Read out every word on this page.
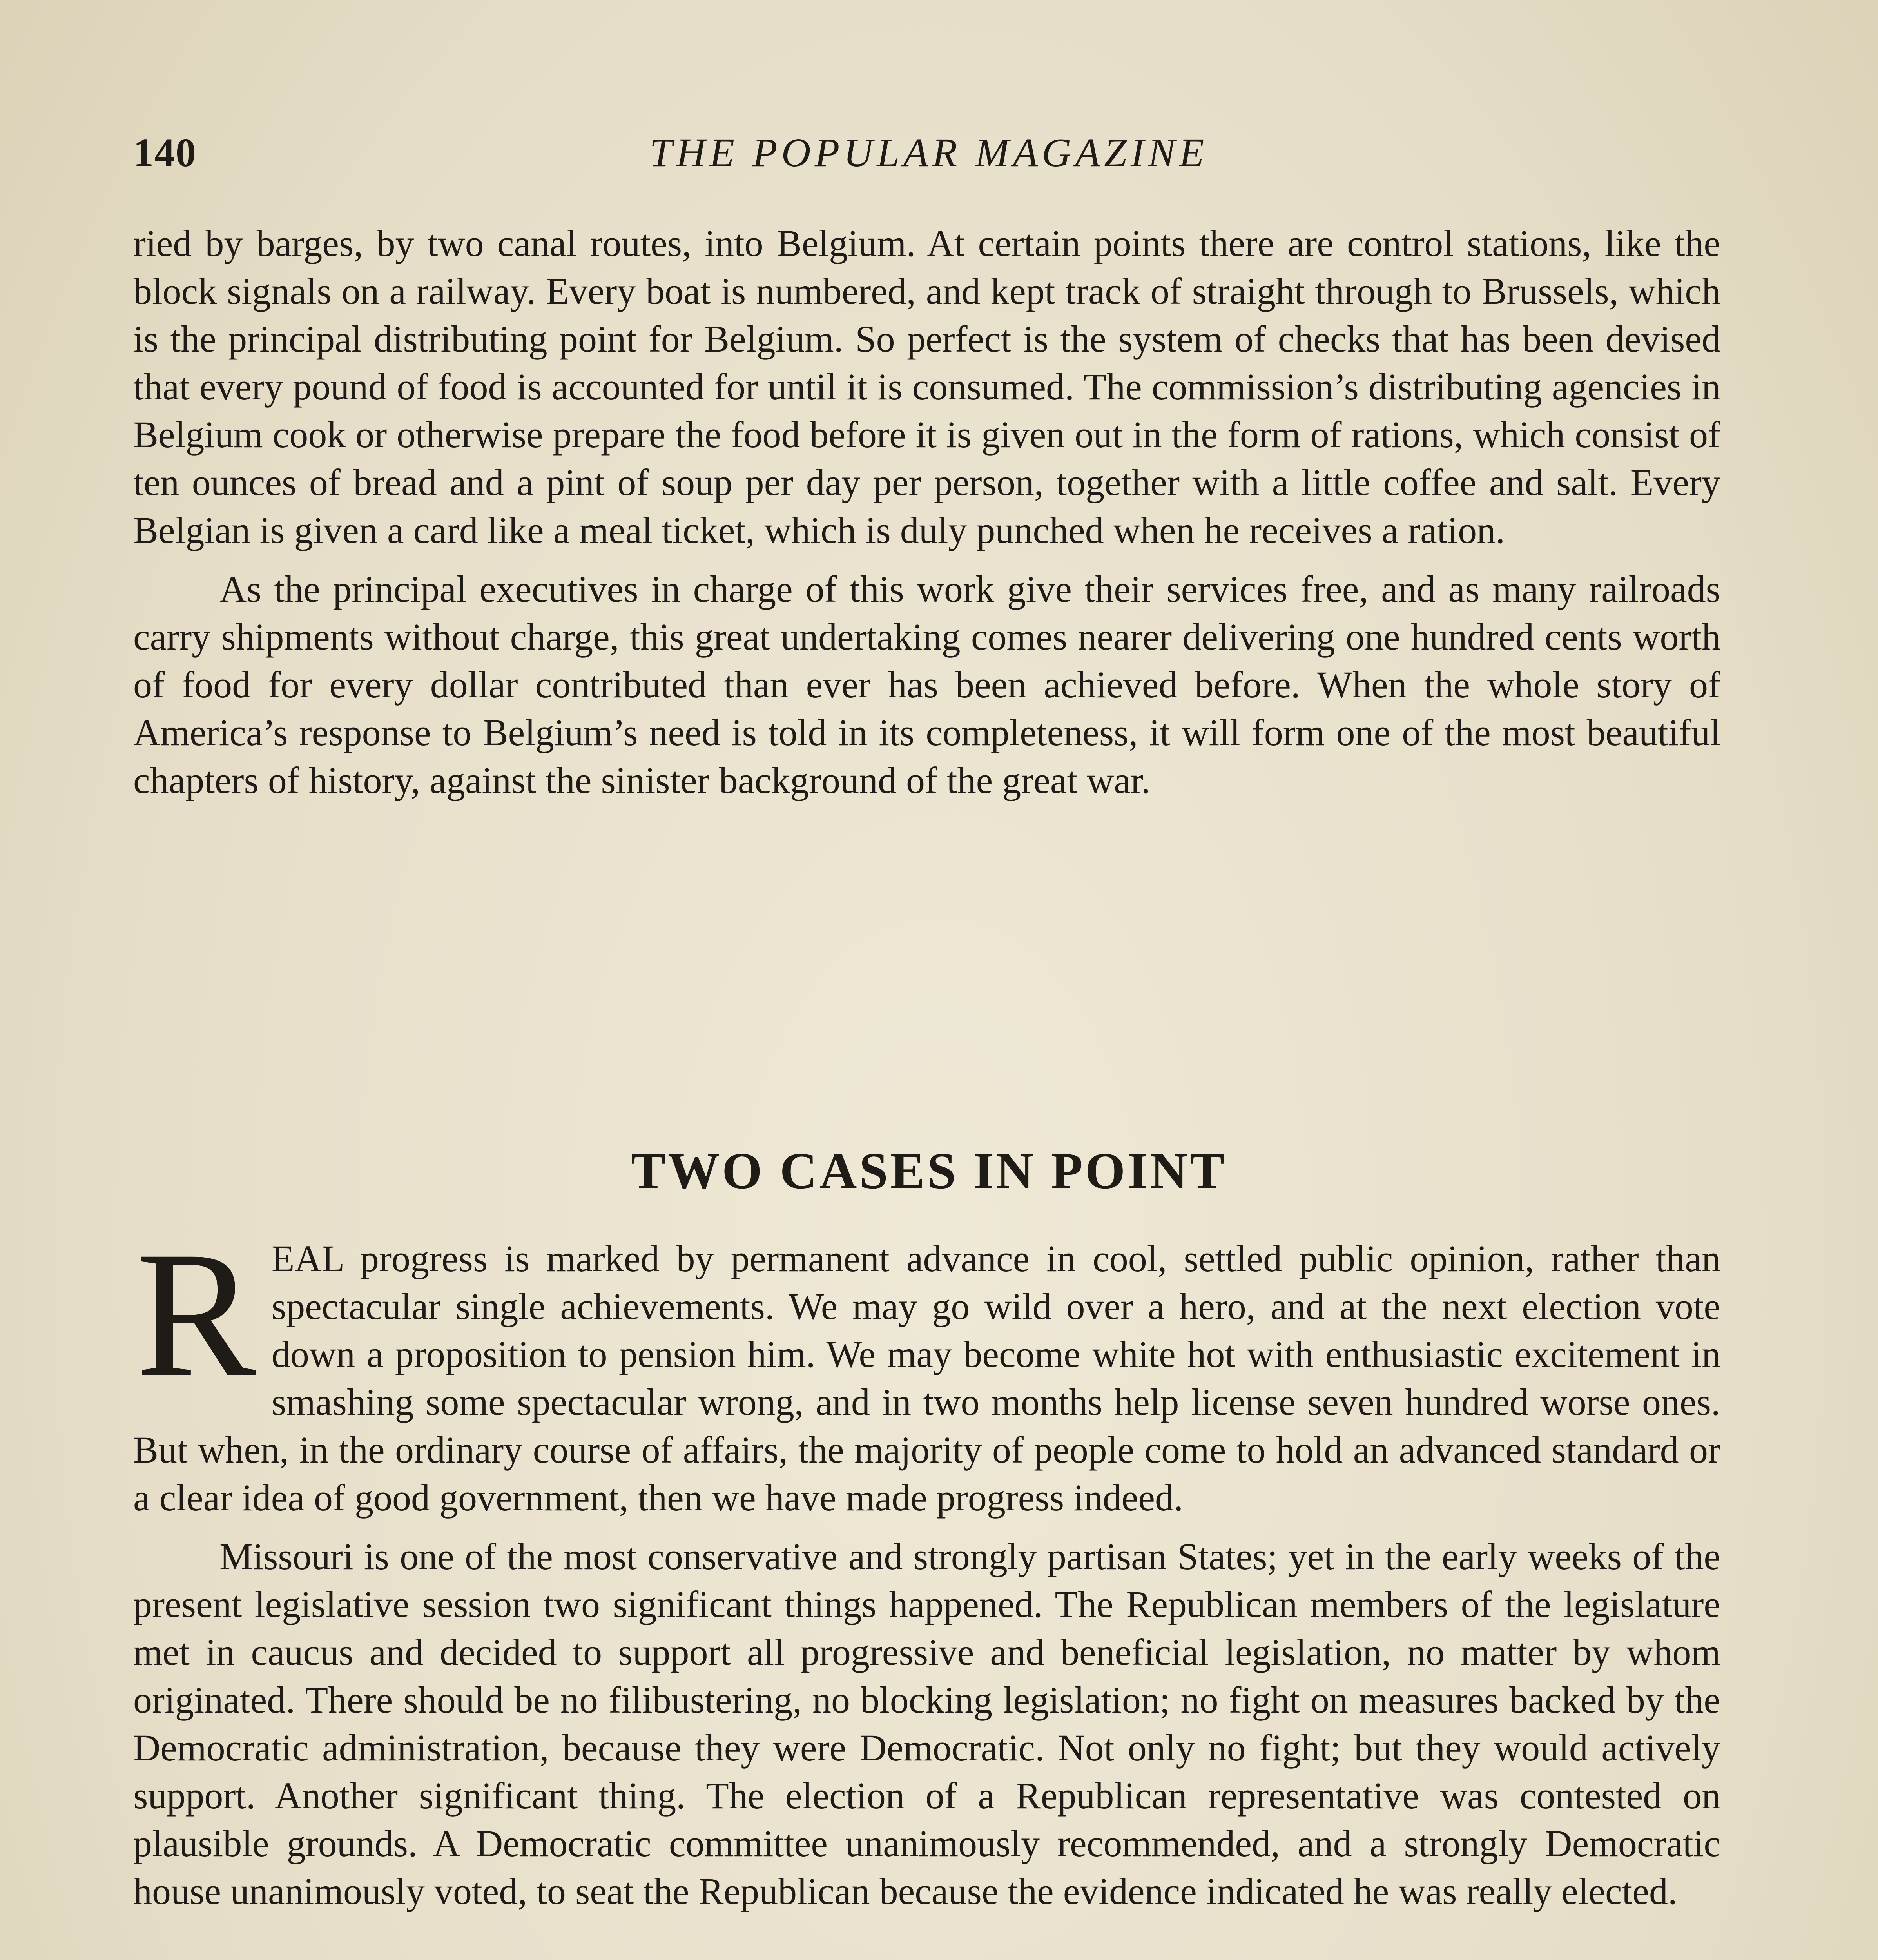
140	THE POPULAR MAGAZINE

ried by barges, by two canal routes, into Belgium. At certain points there are control stations, like the block signals on a railway. Every boat is numbered, and kept track of straight through to Brussels, which is the principal distributing point for Belgium. So perfect is the system of checks that has been devised that every pound of food is accounted for until it is consumed. The commission’s distributing agencies in Belgium cook or otherwise prepare the food before it is given out in the form of rations, which consist of ten ounces of bread and a pint of soup per day per person, together with a little coffee and salt. Every Belgian is given a card like a meal ticket, which is duly punched when he receives a ration.

As the principal executives in charge of this work give their services free, and as many railroads carry shipments without charge, this great undertaking comes nearer delivering one hundred cents worth of food for every dollar contributed than ever has been achieved before. When the whole story of America’s response to Belgium’s need is told in its completeness, it will form one of the most beautiful chapters of history, against the sinister background of the great war.

TWO CASES IN POINT

REAL progress is marked by permanent advance in cool, settled public opinion, rather than spectacular single achievements. We may go wild over a hero, and at the next election vote down a proposition to pension him. We may become white hot with enthusiastic excitement in smashing some spectacular wrong, and in two months help license seven hundred worse ones. But when, in the ordinary course of affairs, the majority of people come to hold an advanced standard or a clear idea of good government, then we have made progress indeed.

Missouri is one of the most conservative and strongly partisan States; yet in the early weeks of the present legislative session two significant things happened. The Republican members of the legislature met in caucus and decided to support all progressive and beneficial legislation, no matter by whom originated. There should be no filibustering, no blocking legislation; no fight on measures backed by the Democratic administration, because they were Democratic. Not only no fight; but they would actively support. Another significant thing. The election of a Republican representative was contested on plausible grounds. A Democratic committee unanimously recommended, and a strongly Democratic house unanimously voted, to seat the Republican because the evidence indicated he was really elected.
